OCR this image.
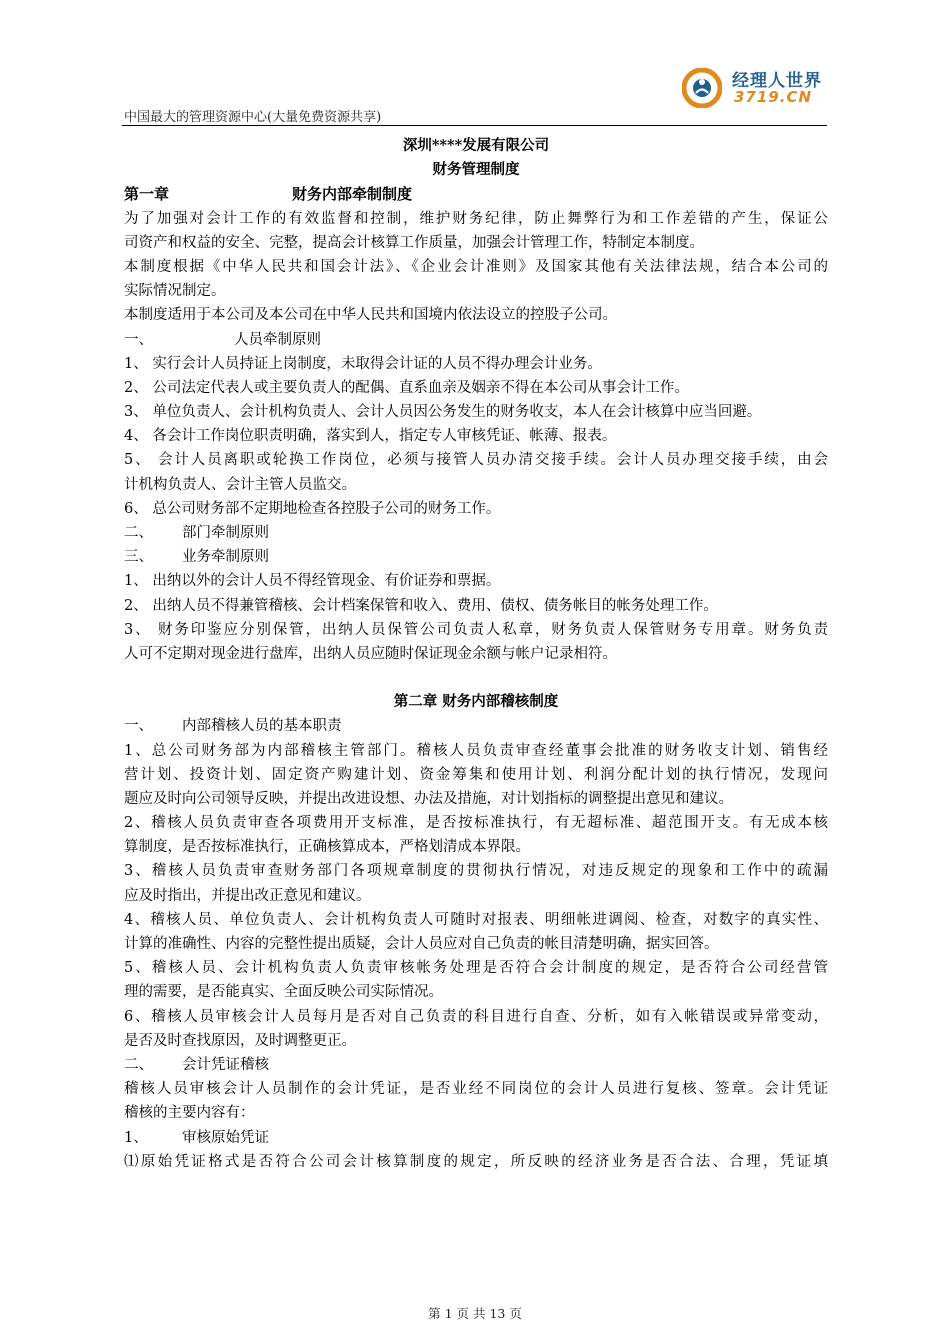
经理人世界
3719.CN
中国最大的管理资源中心(大量免费资源共享)
深圳****发展有限公司
财务管理制度
第一章	财务内部牵制制度
为了加强对会计工作的有效监督和控制，维护财务纪律，防止舞弊行为和工作差错的产生，保证公
司资产和权益的安全、完整，提高会计核算工作质量，加强会计管理工作，特制定本制度。
本制度根据《中华人民共和国会计法》、《企业会计准则》及国家其他有关法律法规，结合本公司的
实际情况制定。
本制度适用于本公司及本公司在中华人民共和国境内依法设立的控股子公司。
一、	人员牵制原则
1、 实行会计人员持证上岗制度，未取得会计证的人员不得办理会计业务。
2、 公司法定代表人或主要负责人的配偶、直系血亲及姻亲不得在本公司从事会计工作。
3、 单位负责人、会计机构负责人、会计人员因公务发生的财务收支，本人在会计核算中应当回避。
4、 各会计工作岗位职责明确，落实到人，指定专人审核凭证、帐薄、报表。
5、 会计人员离职或轮换工作岗位，必须与接管人员办清交接手续。会计人员办理交接手续，由会
计机构负责人、会计主管人员监交。
6、 总公司财务部不定期地检查各控股子公司的财务工作。
二、 部门牵制原则
三、 业务牵制原则
1、 出纳以外的会计人员不得经管现金、有价证券和票据。
2、 出纳人员不得兼管稽核、会计档案保管和收入、费用、债权、债务帐目的帐务处理工作。
3、 财务印鉴应分别保管，出纳人员保管公司负责人私章，财务负责人保管财务专用章。财务负责
人可不定期对现金进行盘库，出纳人员应随时保证现金余额与帐户记录相符。
第二章 财务内部稽核制度
一、 内部稽核人员的基本职责
1、总公司财务部为内部稽核主管部门。稽核人员负责审查经董事会批准的财务收支计划、销售经
营计划、投资计划、固定资产购建计划、资金筹集和使用计划、利润分配计划的执行情况，发现问
题应及时向公司领导反映，并提出改进设想、办法及措施，对计划指标的调整提出意见和建议。
2、稽核人员负责审查各项费用开支标准，是否按标准执行，有无超标准、超范围开支。有无成本核
算制度，是否按标准执行，正确核算成本，严格划清成本界限。
3、稽核人员负责审查财务部门各项规章制度的贯彻执行情况，对违反规定的现象和工作中的疏漏
应及时指出，并提出改正意见和建议。
4、稽核人员、单位负责人、会计机构负责人可随时对报表、明细帐进调阅、检查，对数字的真实性、
计算的准确性、内容的完整性提出质疑，会计人员应对自己负责的帐目清楚明确，据实回答。
5、稽核人员、会计机构负责人负责审核帐务处理是否符合会计制度的规定，是否符合公司经营管
理的需要，是否能真实、全面反映公司实际情况。
6、稽核人员审核会计人员每月是否对自己负责的科目进行自查、分析，如有入帐错误或异常变动，
是否及时查找原因，及时调整更正。
二、 会计凭证稽核
稽核人员审核会计人员制作的会计凭证，是否业经不同岗位的会计人员进行复核、签章。会计凭证
稽核的主要内容有：
1、 审核原始凭证
⑴原始凭证格式是否符合公司会计核算制度的规定，所反映的经济业务是否合法、合理，凭证填
第 1 页 共 13 页
